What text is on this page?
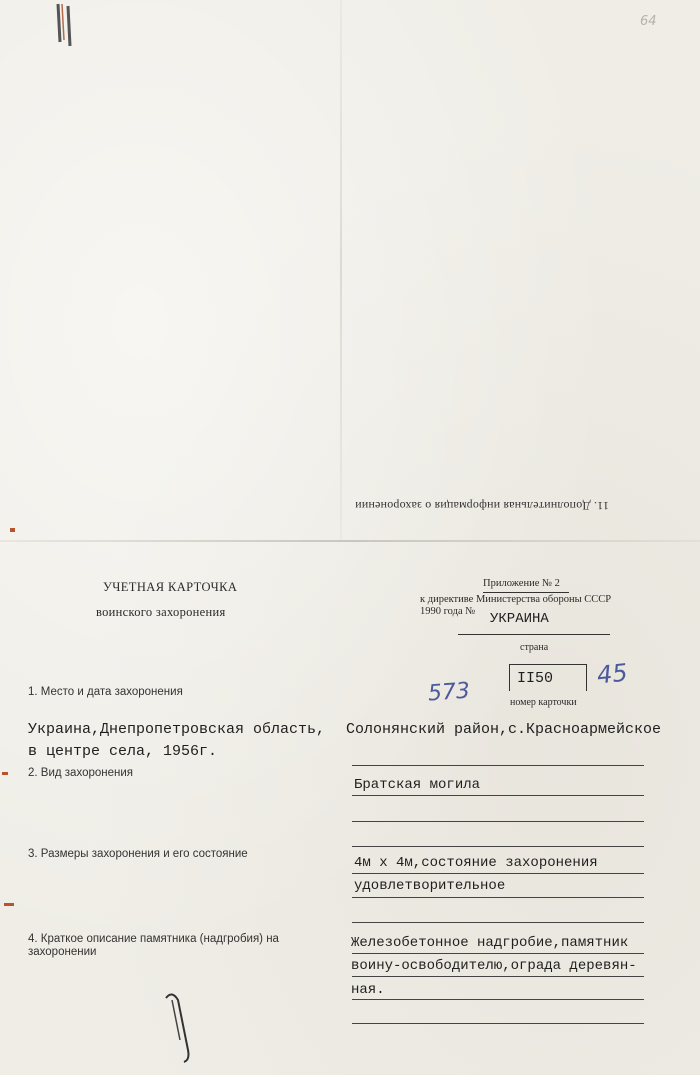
64
11. Дополнительная информация о захоронении
УЧЕТНАЯ КАРТОЧКА
воинского захоронения
Приложение № 2
к директиве Министерства обороны СССР
1990 года № УКРАИНА
страна
II50
номер карточки
573
45
1. Место и дата захоронения
Украина,Днепропетровская область,
в центре села, 1956г.
Солонянский район,с.Красноармейское
2. Вид захоронения
Братская могила
3. Размеры захоронения и его состояние
4м х 4м,состояние захоронения
удовлетворительное
4. Краткое описание памятника (надгробия) на
захоронении
Железобетонное надгробие,памятник
воину-освободителю,ограда деревян-
ная.
